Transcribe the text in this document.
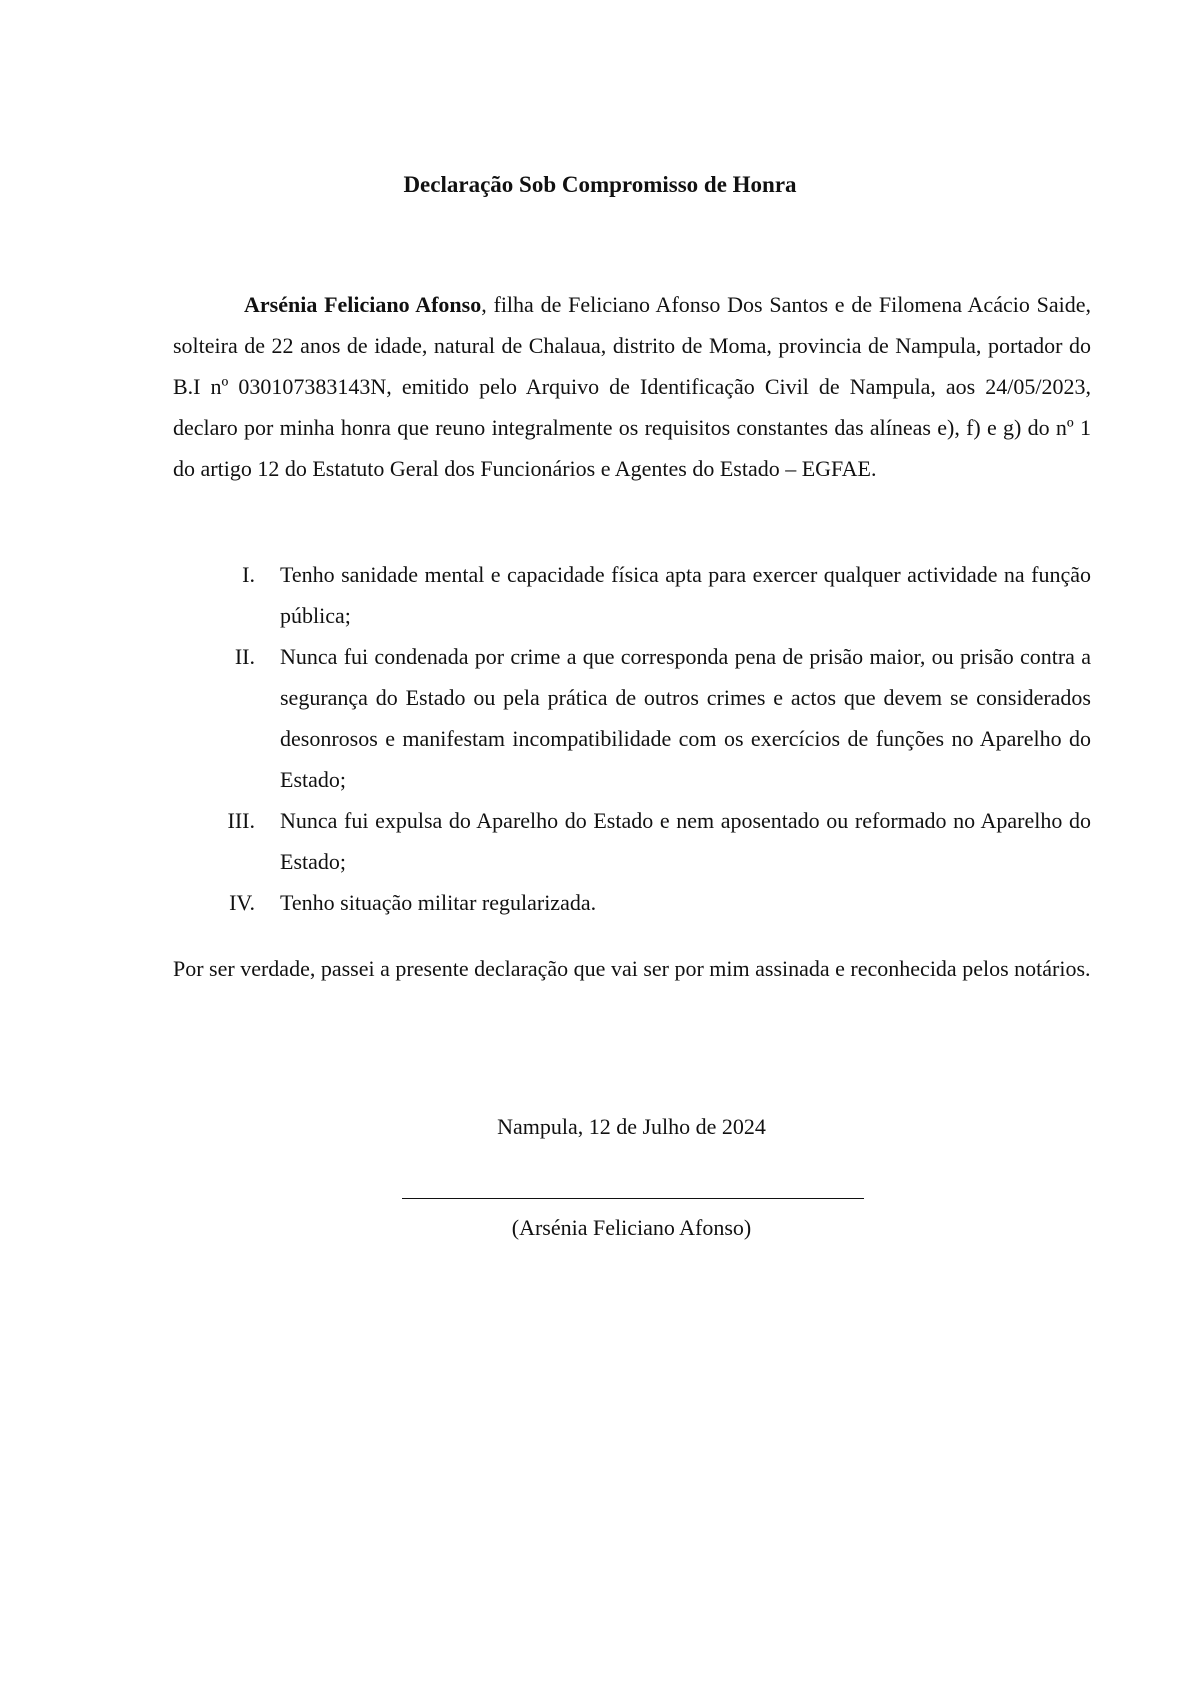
Declaração Sob Compromisso de Honra

Arsénia Feliciano Afonso, filha de Feliciano Afonso Dos Santos e de Filomena Acácio Saide, solteira de 22 anos de idade, natural de Chalaua, distrito de Moma, provincia de Nampula, portador do B.I nº 030107383143N, emitido pelo Arquivo de Identificação Civil de Nampula, aos 24/05/2023, declaro por minha honra que reuno integralmente os requisitos constantes das alíneas e), f) e g) do nº 1 do artigo 12 do Estatuto Geral dos Funcionários e Agentes do Estado – EGFAE.

I. Tenho sanidade mental e capacidade física apta para exercer qualquer actividade na função pública;
II. Nunca fui condenada por crime a que corresponda pena de prisão maior, ou prisão contra a segurança do Estado ou pela prática de outros crimes e actos que devem se considerados desonrosos e manifestam incompatibilidade com os exercícios de funções no Aparelho do Estado;
III. Nunca fui expulsa do Aparelho do Estado e nem aposentado ou reformado no Aparelho do Estado;
IV. Tenho situação militar regularizada.

Por ser verdade, passei a presente declaração que vai ser por mim assinada e reconhecida pelos notários.

Nampula, 12 de Julho de 2024
(Arsénia Feliciano Afonso)
